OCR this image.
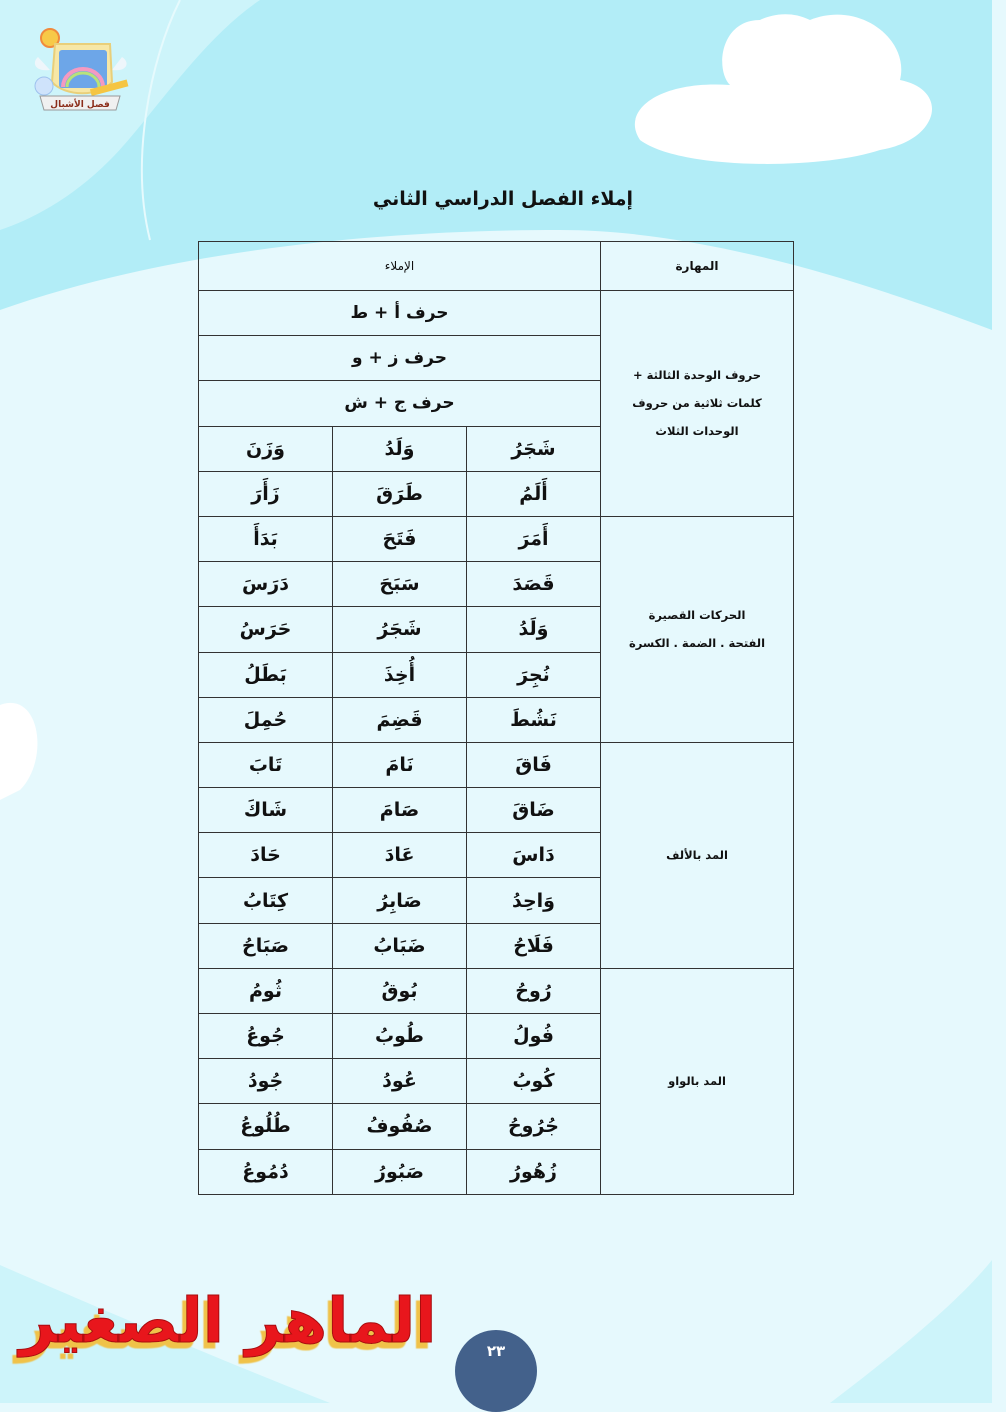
فصل الأشبال
إملاء الفصل الدراسي الثاني
المهارة	الإملاء		

حروف الوحدة الثالثة +
كلمات ثلاثية من حروف
الوحدات الثلاث	حرف أ + ط		
	حرف ز + و		
	حرف ج + ش		
	شَجَرُ	وَلَدُ	وَزَنَ
	أَلَمُ	طَرَقَ	زَأَرَ

الحركات القصيرة
الفتحة . الضمة . الكسرة	أَمَرَ	فَتَحَ	بَدَأَ
	قَصَدَ	سَبَحَ	دَرَسَ
	وَلَدُ	شَجَرُ	حَرَسُ
	نُجِرَ	أُخِذَ	بَطَلُ
	نَشُطَ	قَضِمَ	حُمِلَ

المد بالألف	فَاقَ	نَامَ	تَابَ
	ضَاقَ	صَامَ	شَاكَ
	دَاسَ	عَادَ	حَادَ
	وَاحِدُ	صَابِرُ	كِتَابُ
	فَلَاحُ	ضَبَابُ	صَبَاحُ

المد بالواو	رُوحُ	بُوقُ	ثُومُ
	فُولُ	طُوبُ	جُوعُ
	كُوبُ	عُودُ	جُودُ
	جُرُوحُ	صُفُوفُ	طُلُوعُ
	زُهُورُ	صَبُورُ	دُمُوعُ
الماهر الصغير	٢٣
